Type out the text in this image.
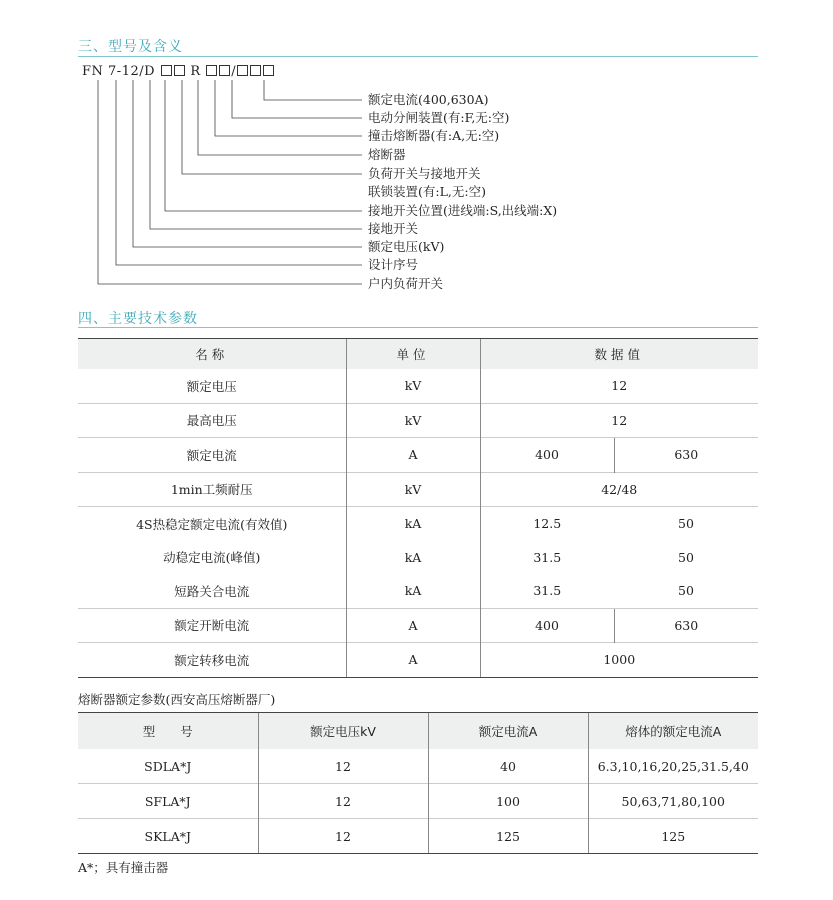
三、型号及含义
FN 7-12/D	R /
额定电流(400,630A)
电动分闸装置(有:F,无:空)
撞击熔断器(有:A,无:空)
熔断器
负荷开关与接地开关
联锁装置(有:L,无:空)
接地开关位置(进线端:S,出线端:X)
接地开关
额定电压(kV)
设计序号
户内负荷开关
四、主要技术参数
名称	单位	数据值	
额定电压	kV	12	
最高电压	kV	12	
额定电流	A	400	630
1min工频耐压	kV	42/48	
4S热稳定额定电流(有效值)	kA	12.5	50
动稳定电流(峰值)	kA	31.5	50
短路关合电流	kA	31.5	50
额定开断电流	A	400	630
额定转移电流	A	1000	
熔断器额定参数(西安高压熔断器厂)
型　　号	额定电压kV	额定电流A	熔体的额定电流A
SDLA*J	12	40	6.3,10,16,20,25,31.5,40
SFLA*J	12	100	50,63,71,80,100
SKLA*J	12	125	125
A*；具有撞击器
